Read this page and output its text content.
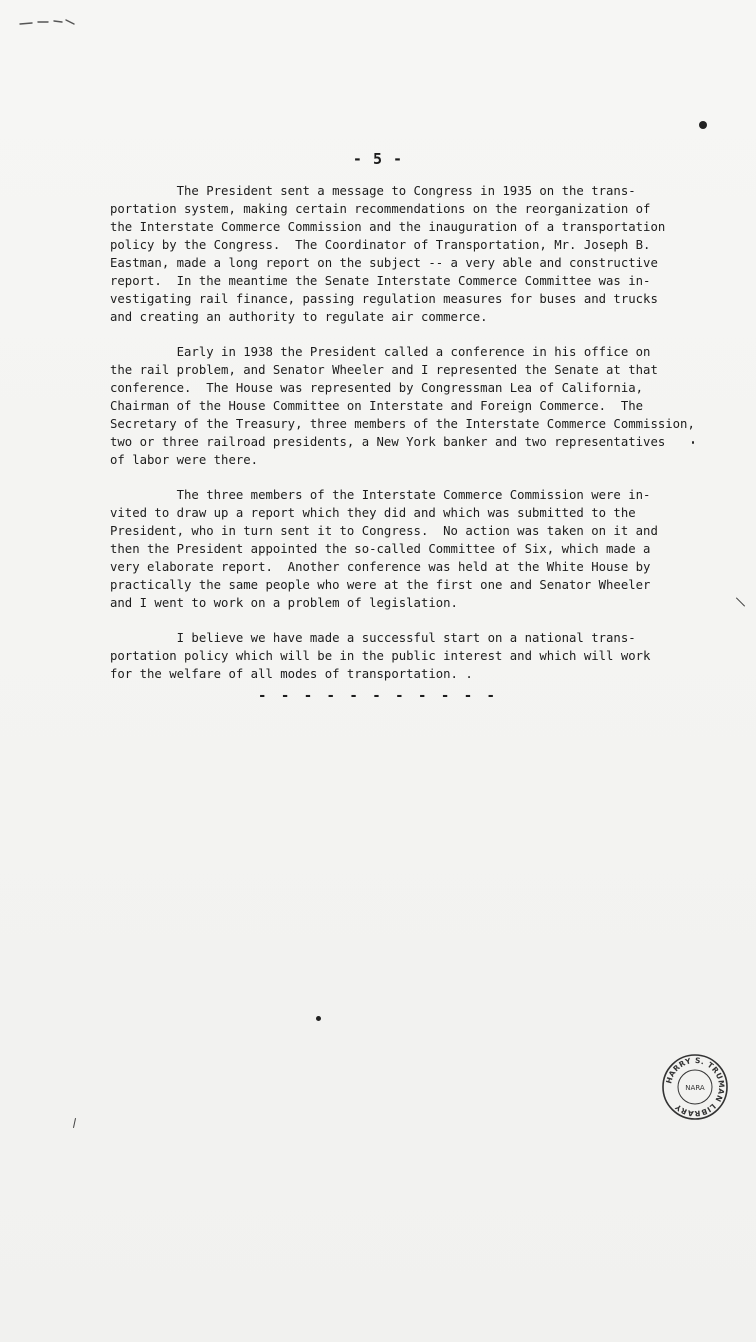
- 5 -

The President sent a message to Congress in 1935 on the trans-
portation system, making certain recommendations on the reorganization of
the Interstate Commerce Commission and the inauguration of a transportation
policy by the Congress.  The Coordinator of Transportation, Mr. Joseph B.
Eastman, made a long report on the subject -- a very able and constructive
report.  In the meantime the Senate Interstate Commerce Committee was in-
vestigating rail finance, passing regulation measures for buses and trucks
and creating an authority to regulate air commerce.

Early in 1938 the President called a conference in his office on
the rail problem, and Senator Wheeler and I represented the Senate at that
conference.  The House was represented by Congressman Lea of California,
Chairman of the House Committee on Interstate and Foreign Commerce.  The
Secretary of the Treasury, three members of the Interstate Commerce Commission,
two or three railroad presidents, a New York banker and two representatives
of labor were there.

The three members of the Interstate Commerce Commission were in-
vited to draw up a report which they did and which was submitted to the
President, who in turn sent it to Congress.  No action was taken on it and
then the President appointed the so-called Committee of Six, which made a
very elaborate report.  Another conference was held at the White House by
practically the same people who were at the first one and Senator Wheeler
and I went to work on a problem of legislation.

I believe we have made a successful start on a national trans-
portation policy which will be in the public interest and which will work
for the welfare of all modes of transportation. .

- - - - - - - - - - -
HARRY S. TRUMAN LIBRARY
NARA
